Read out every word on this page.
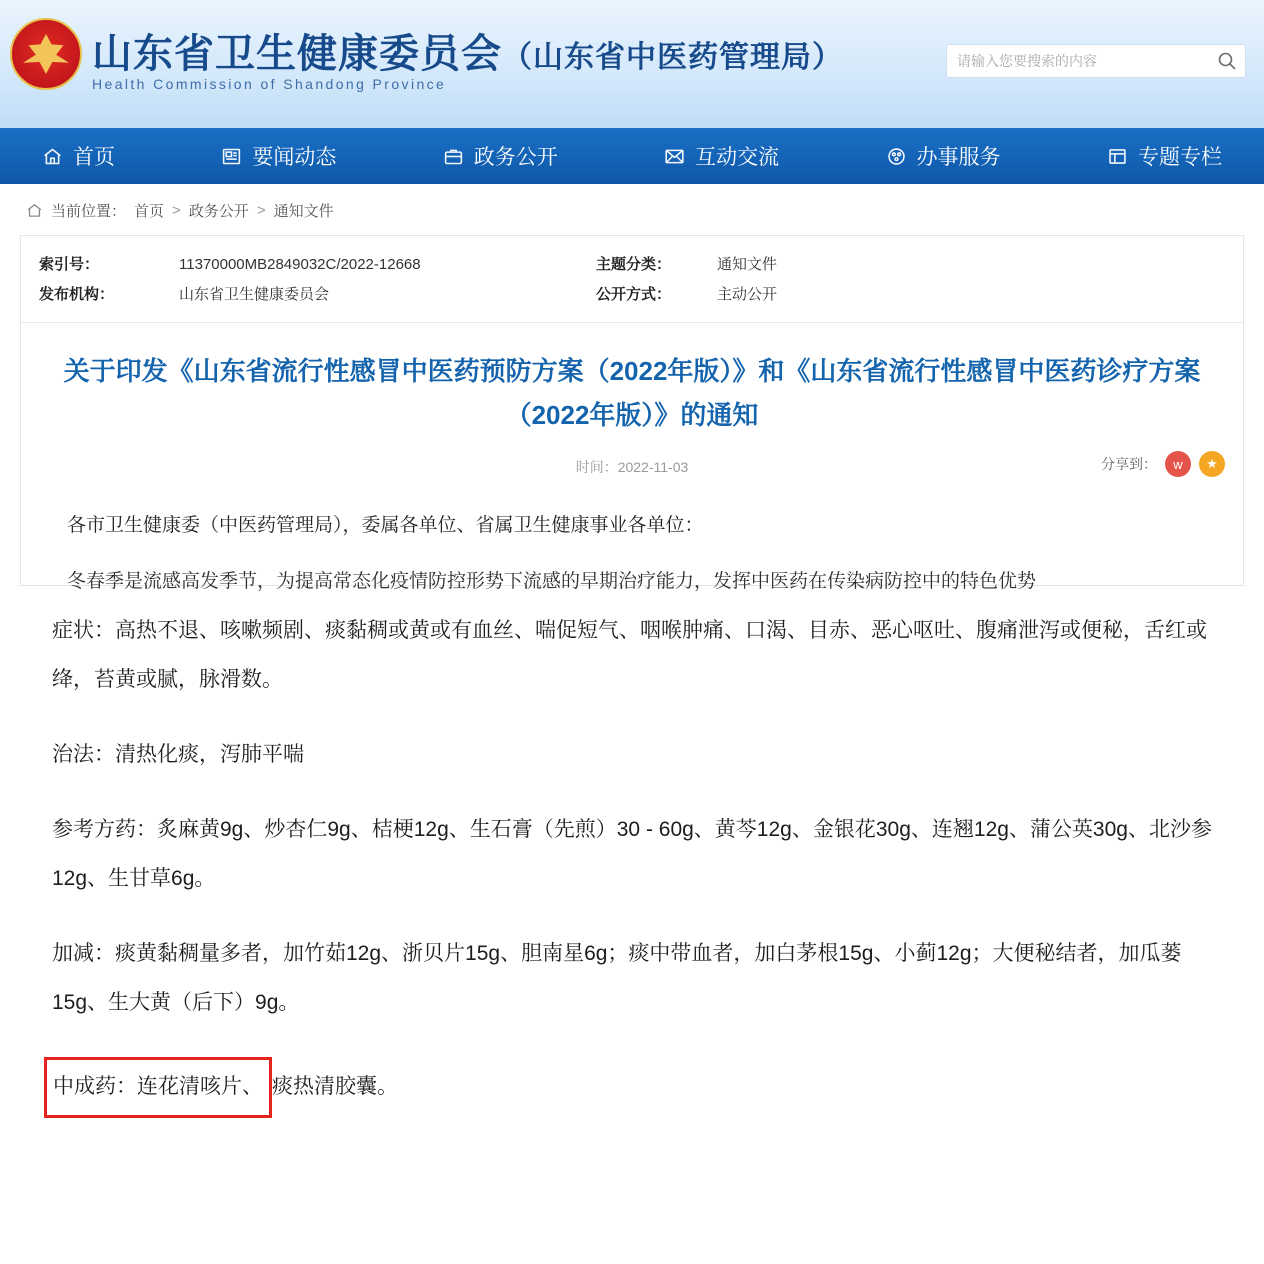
山东省卫生健康委员会（山东省中医药管理局）
Health Commission of Shandong Province
请输入您要搜索的内容
首页	要闻动态	政务公开	互动交流	办事服务	专题专栏
当前位置： 首页 > 政务公开 > 通知文件
索引号：	11370000MB2849032C/2022-12668	主题分类：	通知文件
发布机构：	山东省卫生健康委员会	公开方式：	主动公开
关于印发《山东省流行性感冒中医药预防方案（2022年版）》和《山东省流行性感冒中医药诊疗方案（2022年版）》的通知
时间：2022-11-03	分享到：	w	★

各市卫生健康委（中医药管理局），委属各单位、省属卫生健康事业各单位：

冬春季是流感高发季节，为提高常态化疫情防控形势下流感的早期治疗能力，发挥中医药在传染病防控中的特色优势

症状：高热不退、咳嗽频剧、痰黏稠或黄或有血丝、喘促短气、咽喉肿痛、口渴、目赤、恶心呕吐、腹痛泄泻或便秘，舌红或绛，苔黄或腻，脉滑数。

治法：清热化痰，泻肺平喘

参考方药：炙麻黄9g、炒杏仁9g、桔梗12g、生石膏（先煎）30 - 60g、黄芩12g、金银花30g、连翘12g、蒲公英30g、北沙参12g、生甘草6g。

加减：痰黄黏稠量多者，加竹茹12g、浙贝片15g、胆南星6g；痰中带血者，加白茅根15g、小蓟12g；大便秘结者，加瓜蒌15g、生大黄（后下）9g。

中成药：连花清咳片、 痰热清胶囊。
